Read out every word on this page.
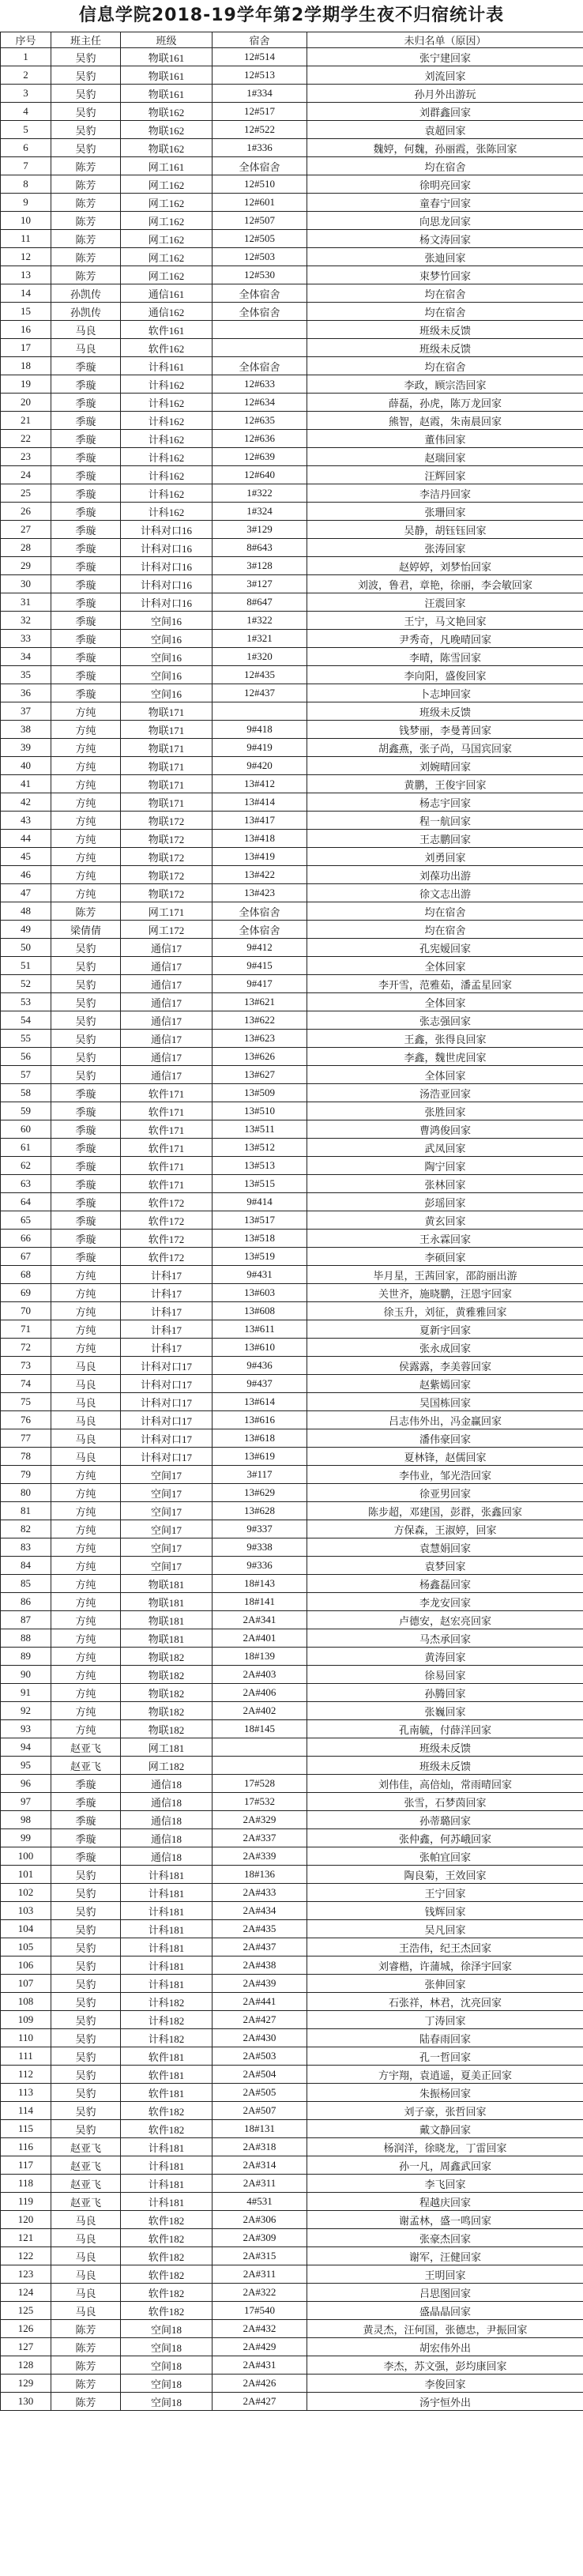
信息学院2018-19学年第2学期学生夜不归宿统计表
序号	班主任	班级	宿舍	未归名单（原因）
1	吴豹	物联161	12#514	张宁建回家
2	吴豹	物联161	12#513	刘流回家
3	吴豹	物联161	1#334	孙月外出游玩
4	吴豹	物联162	12#517	刘群鑫回家
5	吴豹	物联162	12#522	袁超回家
6	吴豹	物联162	1#336	魏婷，何魏，孙丽霞，张陈回家
7	陈芳	网工161	全体宿舍	均在宿舍
8	陈芳	网工162	12#510	徐明亮回家
9	陈芳	网工162	12#601	童春宁回家
10	陈芳	网工162	12#507	向思龙回家
11	陈芳	网工162	12#505	杨文涛回家
12	陈芳	网工162	12#503	张迪回家
13	陈芳	网工162	12#530	束梦竹回家
14	孙凯传	通信161	全体宿舍	均在宿舍
15	孙凯传	通信162	全体宿舍	均在宿舍
16	马良	软件161		班级未反馈
17	马良	软件162		班级未反馈
18	季璇	计科161	全体宿舍	均在宿舍
19	季璇	计科162	12#633	李政，顾宗浩回家
20	季璇	计科162	12#634	薛磊，孙虎，陈万龙回家
21	季璇	计科162	12#635	熊智，赵霞，朱南晨回家
22	季璇	计科162	12#636	董伟回家
23	季璇	计科162	12#639	赵瑞回家
24	季璇	计科162	12#640	汪辉回家
25	季璇	计科162	1#322	李洁丹回家
26	季璇	计科162	1#324	张珊回家
27	季璇	计科对口16	3#129	吴静，胡钰钰回家
28	季璇	计科对口16	8#643	张涛回家
29	季璇	计科对口16	3#128	赵婷婷，刘梦怡回家
30	季璇	计科对口16	3#127	刘波，鲁君，章艳，徐丽，李会敏回家
31	季璇	计科对口16	8#647	汪震回家
32	季璇	空间16	1#322	王宁，马文艳回家
33	季璇	空间16	1#321	尹秀奇，凡晚晴回家
34	季璇	空间16	1#320	李晴，陈雪回家
35	季璇	空间16	12#435	李向阳，盛俊回家
36	季璇	空间16	12#437	卜志坤回家
37	方纯	物联171		班级未反馈
38	方纯	物联171	9#418	钱梦丽，李曼菁回家
39	方纯	物联171	9#419	胡鑫燕，张子尚，马国宾回家
40	方纯	物联171	9#420	刘婉晴回家
41	方纯	物联171	13#412	黄鹏，王俊宇回家
42	方纯	物联171	13#414	杨志宇回家
43	方纯	物联172	13#417	程一航回家
44	方纯	物联172	13#418	王志鹏回家
45	方纯	物联172	13#419	刘勇回家
46	方纯	物联172	13#422	刘葆功出游
47	方纯	物联172	13#423	徐文志出游
48	陈芳	网工171	全体宿舍	均在宿舍
49	梁倩倩	网工172	全体宿舍	均在宿舍
50	吴豹	通信17	9#412	孔宪嫒回家
51	吴豹	通信17	9#415	全体回家
52	吴豹	通信17	9#417	李开雪，范雅茹，潘孟星回家
53	吴豹	通信17	13#621	全体回家
54	吴豹	通信17	13#622	张志强回家
55	吴豹	通信17	13#623	王鑫，张得良回家
56	吴豹	通信17	13#626	李鑫，魏世虎回家
57	吴豹	通信17	13#627	全体回家
58	季璇	软件171	13#509	汤浩亚回家
59	季璇	软件171	13#510	张胜回家
60	季璇	软件171	13#511	曹鸿俊回家
61	季璇	软件171	13#512	武凤回家
62	季璇	软件171	13#513	陶宁回家
63	季璇	软件171	13#515	张林回家
64	季璇	软件172	9#414	彭瑶回家
65	季璇	软件172	13#517	黄玄回家
66	季璇	软件172	13#518	王永霖回家
67	季璇	软件172	13#519	李硕回家
68	方纯	计科17	9#431	毕月星，王茜回家，邵韵丽出游
69	方纯	计科17	13#603	关世齐，施晓鹏，汪恩宇回家
70	方纯	计科17	13#608	徐玉升，刘征，黄雅雅回家
71	方纯	计科17	13#611	夏新宇回家
72	方纯	计科17	13#610	张永成回家
73	马良	计科对口17	9#436	侯露露，李美蓉回家
74	马良	计科对口17	9#437	赵紫嫣回家
75	马良	计科对口17	13#614	吴国栋回家
76	马良	计科对口17	13#616	吕志伟外出，冯金赢回家
77	马良	计科对口17	13#618	潘伟豪回家
78	马良	计科对口17	13#619	夏林锋，赵儒回家
79	方纯	空间17	3#117	李伟业，邹光浩回家
80	方纯	空间17	13#629	徐亚男回家
81	方纯	空间17	13#628	陈步超，邓建国，彭群，张鑫回家
82	方纯	空间17	9#337	方保森，王淑婷，回家
83	方纯	空间17	9#338	袁慧娟回家
84	方纯	空间17	9#336	袁梦回家
85	方纯	物联181	18#143	杨鑫磊回家
86	方纯	物联181	18#141	李龙安回家
87	方纯	物联181	2A#341	卢德安，赵宏亮回家
88	方纯	物联181	2A#401	马杰承回家
89	方纯	物联182	18#139	黄涛回家
90	方纯	物联182	2A#403	徐易回家
91	方纯	物联182	2A#406	孙腾回家
92	方纯	物联182	2A#402	张巍回家
93	方纯	物联182	18#145	孔南毓，付薛洋回家
94	赵亚飞	网工181		班级未反馈
95	赵亚飞	网工182		班级未反馈
96	季璇	通信18	17#528	刘伟佳，高倍灿，常雨晴回家
97	季璇	通信18	17#532	张雪，石梦茵回家
98	季璇	通信18	2A#329	孙蒂璐回家
99	季璇	通信18	2A#337	张仲鑫，何苏峨回家
100	季璇	通信18	2A#339	张帕宜回家
101	吴豹	计科181	18#136	陶良菊，王效回家
102	吴豹	计科181	2A#433	王宁回家
103	吴豹	计科181	2A#434	钱辉回家
104	吴豹	计科181	2A#435	吴凡回家
105	吴豹	计科181	2A#437	王浩伟，纪王杰回家
106	吴豹	计科181	2A#438	刘睿楷，许蒲城，徐泽宇回家
107	吴豹	计科181	2A#439	张伸回家
108	吴豹	计科182	2A#441	石张祥，林君，沈亮回家
109	吴豹	计科182	2A#427	丁涛回家
110	吴豹	计科182	2A#430	陆春雨回家
111	吴豹	软件181	2A#503	孔一哲回家
112	吴豹	软件181	2A#504	方宇翔，袁逍遥，夏美正回家
113	吴豹	软件181	2A#505	朱振杨回家
114	吴豹	软件182	2A#507	刘子豪，张哲回家
115	吴豹	软件182	18#131	戴文静回家
116	赵亚飞	计科181	2A#318	杨润洋，徐晓龙，丁雷回家
117	赵亚飞	计科181	2A#314	孙一凡，周鑫武回家
118	赵亚飞	计科181	2A#311	李飞回家
119	赵亚飞	计科181	4#531	程越庆回家
120	马良	软件182	2A#306	谢孟林，盛一鸣回家
121	马良	软件182	2A#309	张豪杰回家
122	马良	软件182	2A#315	谢军，汪健回家
123	马良	软件182	2A#311	王明回家
124	马良	软件182	2A#322	吕思图回家
125	马良	软件182	17#540	盛晶晶回家
126	陈芳	空间18	2A#432	黄灵杰，汪何国，张德忠，尹振回家
127	陈芳	空间18	2A#429	胡宏伟外出
128	陈芳	空间18	2A#431	李杰，苏文强，彭均康回家
129	陈芳	空间18	2A#426	李俊回家
130	陈芳	空间18	2A#427	汤宇恒外出
